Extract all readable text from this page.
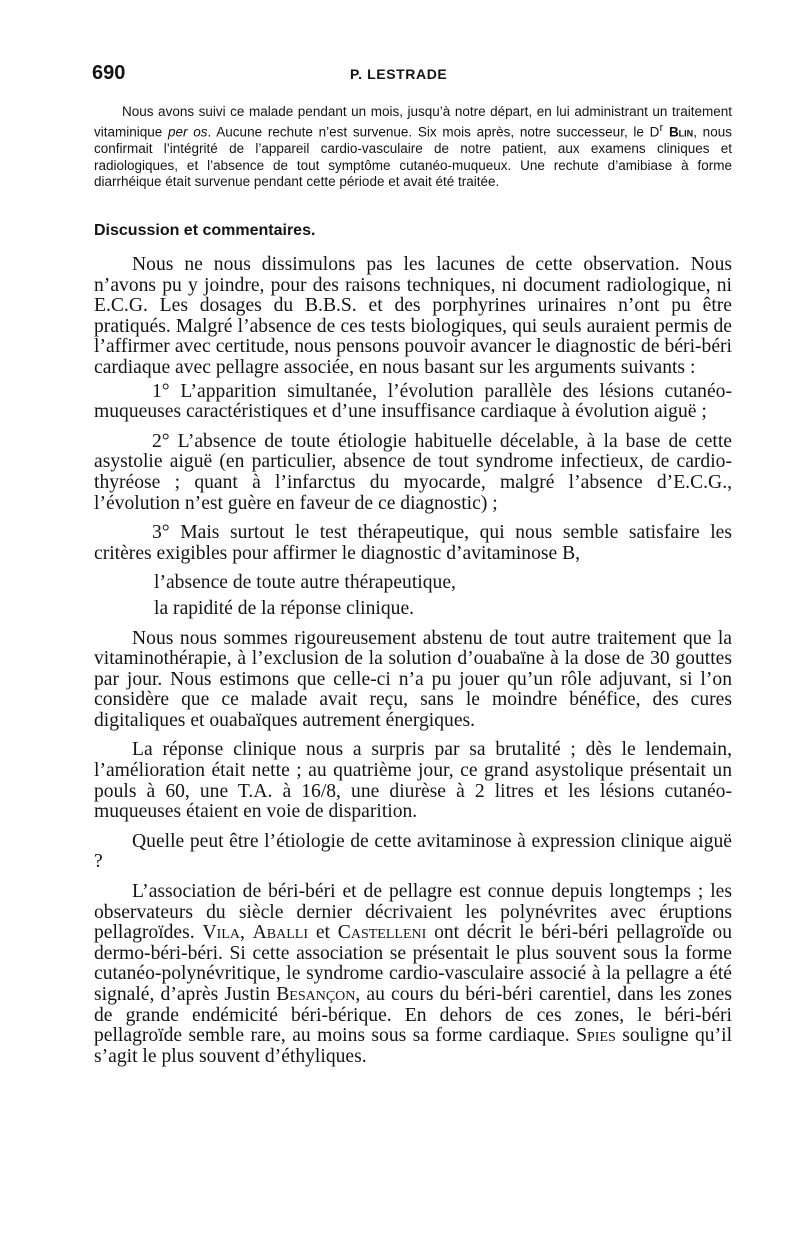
690	P. LESTRADE

Nous avons suivi ce malade pendant un mois, jusqu’à notre départ, en lui administrant un traitement vitaminique per os. Aucune rechute n’est survenue. Six mois après, notre successeur, le $D^r$ Blin, nous confirmait l’intégrité de l’appareil cardio-vasculaire de notre patient, aux examens cliniques et radiologiques, et l’absence de tout symptôme cutanéo-muqueux. Une rechute d’amibiase à forme diarrhéique était survenue pendant cette période et avait été traitée.

Discussion et commentaires.

Nous ne nous dissimulons pas les lacunes de cette observation. Nous n’avons pu y joindre, pour des raisons techniques, ni document radiologique, ni E.C.G. Les dosages du B.B.S. et des porphyrines urinaires n’ont pu être pratiqués. Malgré l’absence de ces tests biologiques, qui seuls auraient permis de l’affirmer avec certitude, nous pensons pouvoir avancer le diagnostic de béri-béri cardiaque avec pellagre associée, en nous basant sur les arguments suivants :

1° L’apparition simultanée, l’évolution parallèle des lésions cutanéo-muqueuses caractéristiques et d’une insuffisance cardiaque à évolution aiguë ;

2° L’absence de toute étiologie habituelle décelable, à la base de cette asystolie aiguë (en particulier, absence de tout syndrome infectieux, de cardio-thyréose ; quant à l’infarctus du myocarde, malgré l’absence d’E.C.G., l’évolution n’est guère en faveur de ce diagnostic) ;

3° Mais surtout le test thérapeutique, qui nous semble satisfaire les critères exigibles pour affirmer le diagnostic d’avitaminose B,

l’absence de toute autre thérapeutique,

la rapidité de la réponse clinique.

Nous nous sommes rigoureusement abstenu de tout autre traitement que la vitaminothérapie, à l’exclusion de la solution d’ouabaïne à la dose de 30 gouttes par jour. Nous estimons que celle-ci n’a pu jouer qu’un rôle adjuvant, si l’on considère que ce malade avait reçu, sans le moindre bénéfice, des cures digitaliques et ouabaïques autrement énergiques.

La réponse clinique nous a surpris par sa brutalité ; dès le lendemain, l’amélioration était nette ; au quatrième jour, ce grand asystolique présentait un pouls à 60, une T.A. à 16/8, une diurèse à 2 litres et les lésions cutanéo-muqueuses étaient en voie de disparition.

Quelle peut être l’étiologie de cette avitaminose à expression clinique aiguë ?

L’association de béri-béri et de pellagre est connue depuis longtemps ; les observateurs du siècle dernier décrivaient les polynévrites avec éruptions pellagroïdes. Vila, Aballi et Castelleni ont décrit le béri-béri pellagroïde ou dermo-béri-béri. Si cette association se présentait le plus souvent sous la forme cutanéo-polynévritique, le syndrome cardio-vasculaire associé à la pellagre a été signalé, d’après Justin Besançon, au cours du béri-béri carentiel, dans les zones de grande endémicité béri-bérique. En dehors de ces zones, le béri-béri pellagroïde semble rare, au moins sous sa forme cardiaque. Spies souligne qu’il s’agit le plus souvent d’éthyliques.
